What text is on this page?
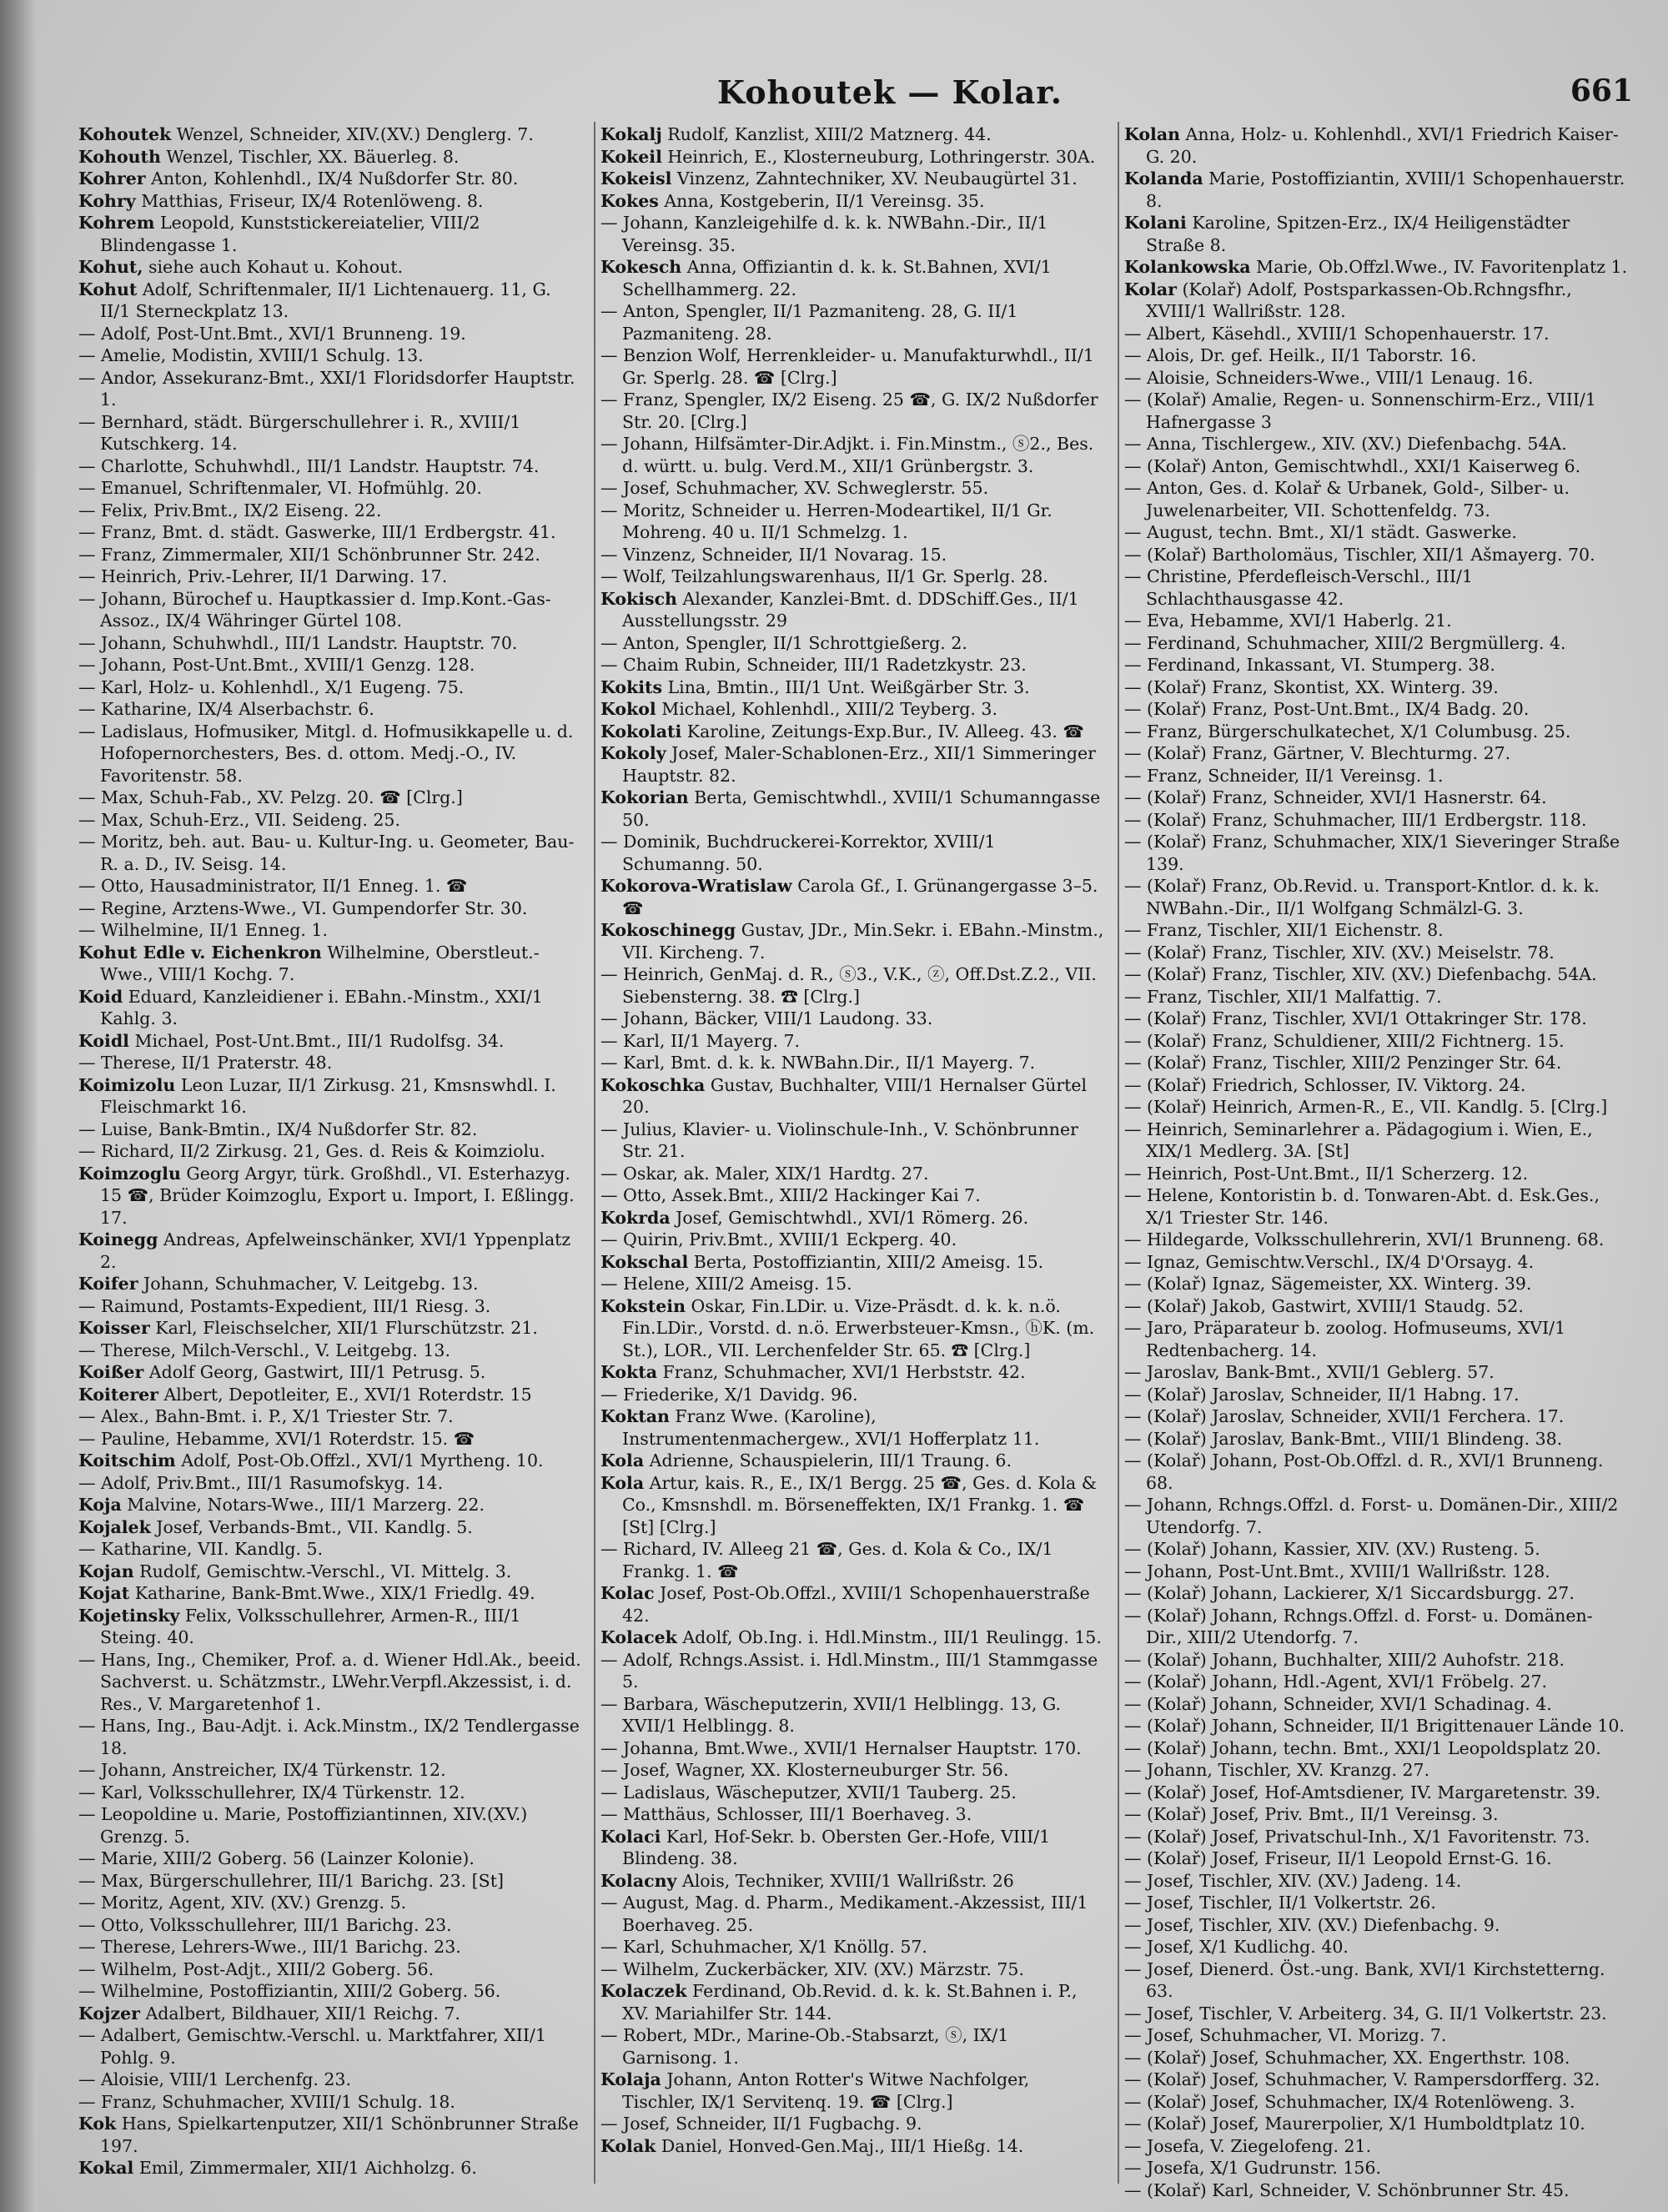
Kohoutek — Kolar.	661
Kohoutek Wenzel, Schneider, XIV.(XV.) Denglerg. 7.
Kohouth Wenzel, Tischler, XX. Bäuerleg. 8.
Kohrer Anton, Kohlenhdl., IX/4 Nußdorfer Str. 80.
Kohry Matthias, Friseur, IX/4 Rotenlöweng. 8.
Kohrem Leopold, Kunststickereiatelier, VIII/2 Blindengasse 1.
Kohut, siehe auch Kohaut u. Kohout.
Kohut Adolf, Schriftenmaler, II/1 Lichtenauerg. 11, G. II/1 Sterneckplatz 13.
— Adolf, Post-Unt.Bmt., XVI/1 Brunneng. 19.
— Amelie, Modistin, XVIII/1 Schulg. 13.
— Andor, Assekuranz-Bmt., XXI/1 Floridsdorfer Hauptstr. 1.
— Bernhard, städt. Bürgerschullehrer i. R., XVIII/1 Kutschkerg. 14.
— Charlotte, Schuhwhdl., III/1 Landstr. Hauptstr. 74.
— Emanuel, Schriftenmaler, VI. Hofmühlg. 20.
— Felix, Priv.Bmt., IX/2 Eiseng. 22.
— Franz, Bmt. d. städt. Gaswerke, III/1 Erdbergstr. 41.
— Franz, Zimmermaler, XII/1 Schönbrunner Str. 242.
— Heinrich, Priv.-Lehrer, II/1 Darwing. 17.
— Johann, Bürochef u. Hauptkassier d. Imp.Kont.-Gas-Assoz., IX/4 Währinger Gürtel 108.
— Johann, Schuhwhdl., III/1 Landstr. Hauptstr. 70.
— Johann, Post-Unt.Bmt., XVIII/1 Genzg. 128.
— Karl, Holz- u. Kohlenhdl., X/1 Eugeng. 75.
— Katharine, IX/4 Alserbachstr. 6.
— Ladislaus, Hofmusiker, Mitgl. d. Hofmusikkapelle u. d. Hofopernorchesters, Bes. d. ottom. Medj.-O., IV. Favoritenstr. 58.
— Max, Schuh-Fab., XV. Pelzg. 20. ☎ [Clrg.]
— Max, Schuh-Erz., VII. Seideng. 25.
— Moritz, beh. aut. Bau- u. Kultur-Ing. u. Geometer, Bau-R. a. D., IV. Seisg. 14.
— Otto, Hausadministrator, II/1 Enneg. 1. ☎
— Regine, Arztens-Wwe., VI. Gumpendorfer Str. 30.
— Wilhelmine, II/1 Enneg. 1.
Kohut Edle v. Eichenkron Wilhelmine, Oberstleut.-Wwe., VIII/1 Kochg. 7.
Koid Eduard, Kanzleidiener i. EBahn.-Minstm., XXI/1 Kahlg. 3.
Koidl Michael, Post-Unt.Bmt., III/1 Rudolfsg. 34.
— Therese, II/1 Praterstr. 48.
Koimizolu Leon Luzar, II/1 Zirkusg. 21, Kmsnswhdl. I. Fleischmarkt 16.
— Luise, Bank-Bmtin., IX/4 Nußdorfer Str. 82.
— Richard, II/2 Zirkusg. 21, Ges. d. Reis & Koimziolu.
Koimzoglu Georg Argyr, türk. Großhdl., VI. Esterhazyg. 15 ☎, Brüder Koimzoglu, Export u. Import, I. Eßlingg. 17.
Koinegg Andreas, Apfelweinschänker, XVI/1 Yppenplatz 2.
Koifer Johann, Schuhmacher, V. Leitgebg. 13.
— Raimund, Postamts-Expedient, III/1 Riesg. 3.
Koisser Karl, Fleischselcher, XII/1 Flurschützstr. 21.
— Therese, Milch-Verschl., V. Leitgebg. 13.
Koißer Adolf Georg, Gastwirt, III/1 Petrusg. 5.
Koiterer Albert, Depotleiter, E., XVI/1 Roterdstr. 15
— Alex., Bahn-Bmt. i. P., X/1 Triester Str. 7.
— Pauline, Hebamme, XVI/1 Roterdstr. 15. ☎
Koitschim Adolf, Post-Ob.Offzl., XVI/1 Myrtheng. 10.
— Adolf, Priv.Bmt., III/1 Rasumofskyg. 14.
Koja Malvine, Notars-Wwe., III/1 Marzerg. 22.
Kojalek Josef, Verbands-Bmt., VII. Kandlg. 5.
— Katharine, VII. Kandlg. 5.
Kojan Rudolf, Gemischtw.-Verschl., VI. Mittelg. 3.
Kojat Katharine, Bank-Bmt.Wwe., XIX/1 Friedlg. 49.
Kojetinsky Felix, Volksschullehrer, Armen-R., III/1 Steing. 40.
— Hans, Ing., Chemiker, Prof. a. d. Wiener Hdl.Ak., beeid. Sachverst. u. Schätzmstr., LWehr.Verpfl.Akzessist, i. d. Res., V. Margaretenhof 1.
— Hans, Ing., Bau-Adjt. i. Ack.Minstm., IX/2 Tendlergasse 18.
— Johann, Anstreicher, IX/4 Türkenstr. 12.
— Karl, Volksschullehrer, IX/4 Türkenstr. 12.
— Leopoldine u. Marie, Postoffiziantinnen, XIV.(XV.) Grenzg. 5.
— Marie, XIII/2 Goberg. 56 (Lainzer Kolonie).
— Max, Bürgerschullehrer, III/1 Barichg. 23. [St]
— Moritz, Agent, XIV. (XV.) Grenzg. 5.
— Otto, Volksschullehrer, III/1 Barichg. 23.
— Therese, Lehrers-Wwe., III/1 Barichg. 23.
— Wilhelm, Post-Adjt., XIII/2 Goberg. 56.
— Wilhelmine, Postoffiziantin, XIII/2 Goberg. 56.
Kojzer Adalbert, Bildhauer, XII/1 Reichg. 7.
— Adalbert, Gemischtw.-Verschl. u. Marktfahrer, XII/1 Pohlg. 9.
— Aloisie, VIII/1 Lerchenfg. 23.
— Franz, Schuhmacher, XVIII/1 Schulg. 18.
Kok Hans, Spielkartenputzer, XII/1 Schönbrunner Straße 197.
Kokal Emil, Zimmermaler, XII/1 Aichholzg. 6.
Kokalj Rudolf, Kanzlist, XIII/2 Matznerg. 44.
Kokeil Heinrich, E., Klosterneuburg, Lothringerstr. 30A.
Kokeisl Vinzenz, Zahntechniker, XV. Neubaugürtel 31.
Kokes Anna, Kostgeberin, II/1 Vereinsg. 35.
— Johann, Kanzleigehilfe d. k. k. NWBahn.-Dir., II/1 Vereinsg. 35.
Kokesch Anna, Offiziantin d. k. k. St.Bahnen, XVI/1 Schellhammerg. 22.
— Anton, Spengler, II/1 Pazmaniteng. 28, G. II/1 Pazmaniteng. 28.
— Benzion Wolf, Herrenkleider- u. Manufakturwhdl., II/1 Gr. Sperlg. 28. ☎ [Clrg.]
— Franz, Spengler, IX/2 Eiseng. 25 ☎, G. IX/2 Nußdorfer Str. 20. [Clrg.]
— Johann, Hilfsämter-Dir.Adjkt. i. Fin.Minstm., ⓢ2., Bes. d. württ. u. bulg. Verd.M., XII/1 Grünbergstr. 3.
— Josef, Schuhmacher, XV. Schweglerstr. 55.
— Moritz, Schneider u. Herren-Modeartikel, II/1 Gr. Mohreng. 40 u. II/1 Schmelzg. 1.
— Vinzenz, Schneider, II/1 Novarag. 15.
— Wolf, Teilzahlungswarenhaus, II/1 Gr. Sperlg. 28.
Kokisch Alexander, Kanzlei-Bmt. d. DDSchiff.Ges., II/1 Ausstellungsstr. 29
— Anton, Spengler, II/1 Schrottgießerg. 2.
— Chaim Rubin, Schneider, III/1 Radetzkystr. 23.
Kokits Lina, Bmtin., III/1 Unt. Weißgärber Str. 3.
Kokol Michael, Kohlenhdl., XIII/2 Teyberg. 3.
Kokolati Karoline, Zeitungs-Exp.Bur., IV. Alleeg. 43. ☎
Kokoly Josef, Maler-Schablonen-Erz., XII/1 Simmeringer Hauptstr. 82.
Kokorian Berta, Gemischtwhdl., XVIII/1 Schumanngasse 50.
— Dominik, Buchdruckerei-Korrektor, XVIII/1 Schumanng. 50.
Kokorova-Wratislaw Carola Gf., I. Grünangergasse 3–5. ☎
Kokoschinegg Gustav, JDr., Min.Sekr. i. EBahn.-Minstm., VII. Kircheng. 7.
— Heinrich, GenMaj. d. R., ⓢ3., V.K., ⓩ, Off.Dst.Z.2., VII. Siebensterng. 38. ☎ [Clrg.]
— Johann, Bäcker, VIII/1 Laudong. 33.
— Karl, II/1 Mayerg. 7.
— Karl, Bmt. d. k. k. NWBahn.Dir., II/1 Mayerg. 7.
Kokoschka Gustav, Buchhalter, VIII/1 Hernalser Gürtel 20.
— Julius, Klavier- u. Violinschule-Inh., V. Schönbrunner Str. 21.
— Oskar, ak. Maler, XIX/1 Hardtg. 27.
— Otto, Assek.Bmt., XIII/2 Hackinger Kai 7.
Kokrda Josef, Gemischtwhdl., XVI/1 Römerg. 26.
— Quirin, Priv.Bmt., XVIII/1 Eckperg. 40.
Kokschal Berta, Postoffiziantin, XIII/2 Ameisg. 15.
— Helene, XIII/2 Ameisg. 15.
Kokstein Oskar, Fin.LDir. u. Vize-Präsdt. d. k. k. n.ö. Fin.LDir., Vorstd. d. n.ö. Erwerbsteuer-Kmsn., ⓗK. (m. St.), LOR., VII. Lerchenfelder Str. 65. ☎ [Clrg.]
Kokta Franz, Schuhmacher, XVI/1 Herbststr. 42.
— Friederike, X/1 Davidg. 96.
Koktan Franz Wwe. (Karoline), Instrumentenmachergew., XVI/1 Hofferplatz 11.
Kola Adrienne, Schauspielerin, III/1 Traung. 6.
Kola Artur, kais. R., E., IX/1 Bergg. 25 ☎, Ges. d. Kola & Co., Kmsnshdl. m. Börseneffekten, IX/1 Frankg. 1. ☎ [St] [Clrg.]
— Richard, IV. Alleeg 21 ☎, Ges. d. Kola & Co., IX/1 Frankg. 1. ☎
Kolac Josef, Post-Ob.Offzl., XVIII/1 Schopenhauerstraße 42.
Kolacek Adolf, Ob.Ing. i. Hdl.Minstm., III/1 Reulingg. 15.
— Adolf, Rchngs.Assist. i. Hdl.Minstm., III/1 Stammgasse 5.
— Barbara, Wäscheputzerin, XVII/1 Helblingg. 13, G. XVII/1 Helblingg. 8.
— Johanna, Bmt.Wwe., XVII/1 Hernalser Hauptstr. 170.
— Josef, Wagner, XX. Klosterneuburger Str. 56.
— Ladislaus, Wäscheputzer, XVII/1 Tauberg. 25.
— Matthäus, Schlosser, III/1 Boerhaveg. 3.
Kolaci Karl, Hof-Sekr. b. Obersten Ger.-Hofe, VIII/1 Blindeng. 38.
Kolacny Alois, Techniker, XVIII/1 Wallrißstr. 26
— August, Mag. d. Pharm., Medikament.-Akzessist, III/1 Boerhaveg. 25.
— Karl, Schuhmacher, X/1 Knöllg. 57.
— Wilhelm, Zuckerbäcker, XIV. (XV.) Märzstr. 75.
Kolaczek Ferdinand, Ob.Revid. d. k. k. St.Bahnen i. P., XV. Mariahilfer Str. 144.
— Robert, MDr., Marine-Ob.-Stabsarzt, ⓢ, IX/1 Garnisong. 1.
Kolaja Johann, Anton Rotter's Witwe Nachfolger, Tischler, IX/1 Servitenq. 19. ☎ [Clrg.]
— Josef, Schneider, II/1 Fugbachg. 9.
Kolak Daniel, Honved-Gen.Maj., III/1 Hießg. 14.
Kolan Anna, Holz- u. Kohlenhdl., XVI/1 Friedrich Kaiser-G. 20.
Kolanda Marie, Postoffiziantin, XVIII/1 Schopenhauerstr. 8.
Kolani Karoline, Spitzen-Erz., IX/4 Heiligenstädter Straße 8.
Kolankowska Marie, Ob.Offzl.Wwe., IV. Favoritenplatz 1.
Kolar (Kolař) Adolf, Postsparkassen-Ob.Rchngsfhr., XVIII/1 Wallrißstr. 128.
— Albert, Käsehdl., XVIII/1 Schopenhauerstr. 17.
— Alois, Dr. gef. Heilk., II/1 Taborstr. 16.
— Aloisie, Schneiders-Wwe., VIII/1 Lenaug. 16.
— (Kolař) Amalie, Regen- u. Sonnenschirm-Erz., VIII/1 Hafnergasse 3
— Anna, Tischlergew., XIV. (XV.) Diefenbachg. 54A.
— (Kolař) Anton, Gemischtwhdl., XXI/1 Kaiserweg 6.
— Anton, Ges. d. Kolař & Urbanek, Gold-, Silber- u. Juwelenarbeiter, VII. Schottenfeldg. 73.
— August, techn. Bmt., XI/1 städt. Gaswerke.
— (Kolař) Bartholomäus, Tischler, XII/1 Ašmayerg. 70.
— Christine, Pferdefleisch-Verschl., III/1 Schlachthausgasse 42.
— Eva, Hebamme, XVI/1 Haberlg. 21.
— Ferdinand, Schuhmacher, XIII/2 Bergmüllerg. 4.
— Ferdinand, Inkassant, VI. Stumperg. 38.
— (Kolař) Franz, Skontist, XX. Winterg. 39.
— (Kolař) Franz, Post-Unt.Bmt., IX/4 Badg. 20.
— Franz, Bürgerschulkatechet, X/1 Columbusg. 25.
— (Kolař) Franz, Gärtner, V. Blechturmg. 27.
— Franz, Schneider, II/1 Vereinsg. 1.
— (Kolař) Franz, Schneider, XVI/1 Hasnerstr. 64.
— (Kolař) Franz, Schuhmacher, III/1 Erdbergstr. 118.
— (Kolař) Franz, Schuhmacher, XIX/1 Sieveringer Straße 139.
— (Kolař) Franz, Ob.Revid. u. Transport-Kntlor. d. k. k. NWBahn.-Dir., II/1 Wolfgang Schmälzl-G. 3.
— Franz, Tischler, XII/1 Eichenstr. 8.
— (Kolař) Franz, Tischler, XIV. (XV.) Meiselstr. 78.
— (Kolař) Franz, Tischler, XIV. (XV.) Diefenbachg. 54A.
— Franz, Tischler, XII/1 Malfattig. 7.
— (Kolař) Franz, Tischler, XVI/1 Ottakringer Str. 178.
— (Kolař) Franz, Schuldiener, XIII/2 Fichtnerg. 15.
— (Kolař) Franz, Tischler, XIII/2 Penzinger Str. 64.
— (Kolař) Friedrich, Schlosser, IV. Viktorg. 24.
— (Kolař) Heinrich, Armen-R., E., VII. Kandlg. 5. [Clrg.]
— Heinrich, Seminarlehrer a. Pädagogium i. Wien, E., XIX/1 Medlerg. 3A. [St]
— Heinrich, Post-Unt.Bmt., II/1 Scherzerg. 12.
— Helene, Kontoristin b. d. Tonwaren-Abt. d. Esk.Ges., X/1 Triester Str. 146.
— Hildegarde, Volksschullehrerin, XVI/1 Brunneng. 68.
— Ignaz, Gemischtw.Verschl., IX/4 D'Orsayg. 4.
— (Kolař) Ignaz, Sägemeister, XX. Winterg. 39.
— (Kolař) Jakob, Gastwirt, XVIII/1 Staudg. 52.
— Jaro, Präparateur b. zoolog. Hofmuseums, XVI/1 Redtenbacherg. 14.
— Jaroslav, Bank-Bmt., XVII/1 Geblerg. 57.
— (Kolař) Jaroslav, Schneider, II/1 Habng. 17.
— (Kolař) Jaroslav, Schneider, XVII/1 Ferchera. 17.
— (Kolař) Jaroslav, Bank-Bmt., VIII/1 Blindeng. 38.
— (Kolař) Johann, Post-Ob.Offzl. d. R., XVI/1 Brunneng. 68.
— Johann, Rchngs.Offzl. d. Forst- u. Domänen-Dir., XIII/2 Utendorfg. 7.
— (Kolař) Johann, Kassier, XIV. (XV.) Rusteng. 5.
— Johann, Post-Unt.Bmt., XVIII/1 Wallrißstr. 128.
— (Kolař) Johann, Lackierer, X/1 Siccardsburgg. 27.
— (Kolař) Johann, Rchngs.Offzl. d. Forst- u. Domänen-Dir., XIII/2 Utendorfg. 7.
— (Kolař) Johann, Buchhalter, XIII/2 Auhofstr. 218.
— (Kolař) Johann, Hdl.-Agent, XVI/1 Fröbelg. 27.
— (Kolař) Johann, Schneider, XVI/1 Schadinag. 4.
— (Kolař) Johann, Schneider, II/1 Brigittenauer Lände 10.
— (Kolař) Johann, techn. Bmt., XXI/1 Leopoldsplatz 20.
— Johann, Tischler, XV. Kranzg. 27.
— (Kolař) Josef, Hof-Amtsdiener, IV. Margaretenstr. 39.
— (Kolař) Josef, Priv. Bmt., II/1 Vereinsg. 3.
— (Kolař) Josef, Privatschul-Inh., X/1 Favoritenstr. 73.
— (Kolař) Josef, Friseur, II/1 Leopold Ernst-G. 16.
— Josef, Tischler, XIV. (XV.) Jadeng. 14.
— Josef, Tischler, II/1 Volkertstr. 26.
— Josef, Tischler, XIV. (XV.) Diefenbachg. 9.
— Josef, X/1 Kudlichg. 40.
— Josef, Dienerd. Öst.-ung. Bank, XVI/1 Kirchstetterng. 63.
— Josef, Tischler, V. Arbeiterg. 34, G. II/1 Volkertstr. 23.
— Josef, Schuhmacher, VI. Morizg. 7.
— (Kolař) Josef, Schuhmacher, XX. Engerthstr. 108.
— (Kolař) Josef, Schuhmacher, V. Rampersdorfferg. 32.
— (Kolař) Josef, Schuhmacher, IX/4 Rotenlöweng. 3.
— (Kolař) Josef, Maurerpolier, X/1 Humboldtplatz 10.
— Josefa, V. Ziegelofeng. 21.
— Josefa, X/1 Gudrunstr. 156.
— (Kolař) Karl, Schneider, V. Schönbrunner Str. 45.
